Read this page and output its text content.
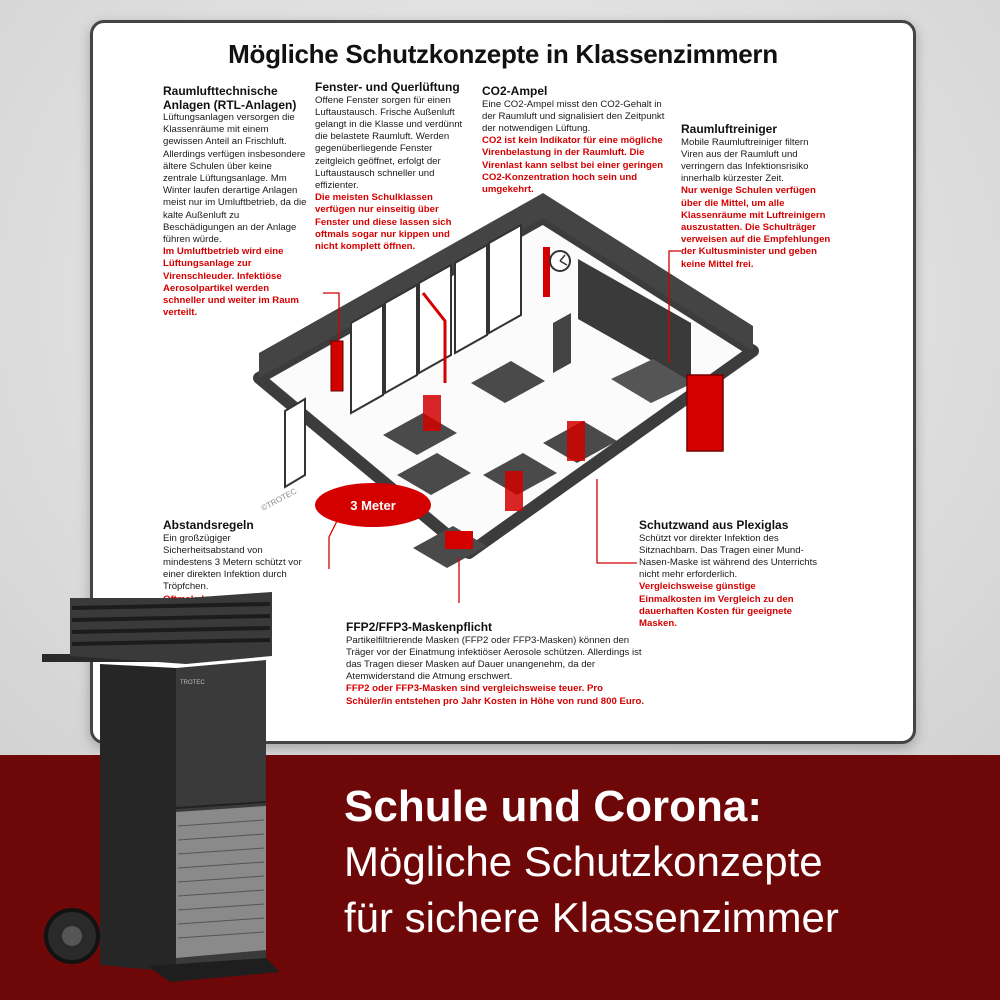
Mögliche Schutzkonzepte in Klassenzimmern
Raumlufttechnische
Anlagen (RTL-Anlagen)

Lüftungsanlagen versorgen die Klassenräume mit einem gewissen Anteil an Frischluft. Allerdings verfügen insbesondere ältere Schulen über keine zentrale Lüftungsanlage. Mm Winter laufen derartige Anlagen meist nur im Umluftbetrieb, da die kalte Außenluft zu Beschädigungen an der Anlage führen würde.

Im Umluftbetrieb wird eine Lüftungsanlage zur Virenschleuder. Infektiöse Aerosolpartikel werden schneller und weiter im Raum verteilt.

Fenster- und Querlüftung

Offene Fenster sorgen für einen Luftaustausch. Frische Außenluft gelangt in die Klasse und verdünnt die belastete Raumluft. Werden gegenüberliegende Fenster zeitgleich geöffnet, erfolgt der Luftaustausch schneller und effizienter.

Die meisten Schulklassen verfügen nur einseitig über Fenster und diese lassen sich oftmals sogar nur kippen und nicht komplett öffnen.

CO2-Ampel

Eine CO2-Ampel misst den CO2-Gehalt in der Raumluft und signalisiert den Zeitpunkt der notwendigen Lüftung.

CO2 ist kein Indikator für eine mögliche Virenbelastung in der Raumluft. Die Virenlast kann selbst bei einer geringen CO2-Konzentration hoch sein und umgekehrt.

Raumluftreiniger

Mobile Raumluftreiniger filtern Viren aus der Raumluft und verringern das Infektionsrisiko innerhalb kürzester Zeit.

Nur wenige Schulen verfügen über die Mittel, um alle Klassenräume mit Luftreinigern auszustatten. Die Schulträger verweisen auf die Empfehlungen der Kultusminister und geben keine Mittel frei.

Abstandsregeln

Ein großzügiger Sicherheitsabstand von mindestens 3 Metern schützt vor einer direkten Infektion durch Tröpfchen.

Schutzwand aus Plexiglas

Schützt vor direkter Infektion des Sitznachbarn. Das Tragen einer Mund-Nasen-Maske ist während des Unterrichts nicht mehr erforderlich.

Vergleichsweise günstige Einmalkosten im Vergleich zu den dauerhaften Kosten für geeignete Masken.

FFP2/FFP3-Maskenpflicht

Partikelfiltrierende Masken (FFP2 oder FFP3-Masken) können den Träger vor der Einatmung infektiöser Aerosole schützen. Allerdings ist das Tragen dieser Masken auf Dauer unangenehm, da der Atemwiderstand die Atmung erschwert.

FFP2 oder FFP3-Masken sind vergleichsweise teuer. Pro Schüler/in entstehen pro Jahr Kosten in Höhe von rund 800 Euro.

3 Meter
©TROTEC
TROTEC
Schule und Corona:
Mögliche Schutzkonzepte
für sichere Klassenzimmer
